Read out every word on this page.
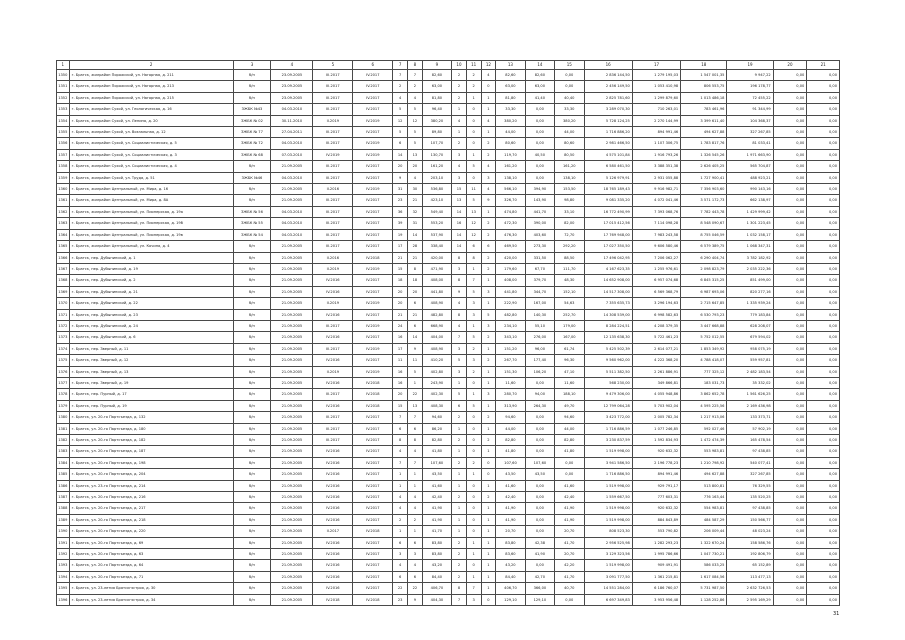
1	2	3	4	5	6	7	8	9	10	11	12	13	14	15	16	17	18	19	20	21
1350	г. Братск, жилрайон Порожский, ул. Нагорная, д. 211	б/н	23.09.2005	III.2017	IV.2017	7	7	82,60	2	2	4	82,60	82,60	0,00	2 836 144,50	1 279 195,03	1 547 001,35	9 947,22	0,00	0,00
1351	г. Братск, жилрайон Порожский, ул. Нагорная, д. 213	б/н	23.09.2005	III.2017	IV.2017	2	2	63,00	2	2	0	63,00	63,00	0,00	2 456 149,50	1 053 410,98	806 553,75	196 178,77	0,00	0,00
1352	г. Братск, жилрайон Порожский, ул. Нагорная, д. 215	б/н	23.09.2005	III.2017	IV.2017	4	4	81,80	2	1	1	81,80	41,40	40,40	2 825 781,60	1 299 879,60	1 013 486,18	72 455,22	0,00	0,00
1353	г. Братск, жилрайон Сухой, ул. Геологическая, д. 16	ЗЖБК №43	04.03.2010	III.2017	IV.2017	5	5	96,40	1	0	1	33,30	0,00	33,30	3 289 070,30	710 263,01	783 461,96	91 344,99	0,00	0,00
1354	г. Братск, жилрайон Сухой, ул. Ленина, д. 20	ЗЖБК № 02	30.11.2010	II.2019	IV.2019	12	12	380,20	4	0	4	380,20	0,00	380,20	5 728 124,25	2 270 144,99	3 399 611,40	104 368,37	0,00	0,00
1355	г. Братск, жилрайон Сухой, ул. Вокзальная, д. 12	ЗЖБК № 77	27.04.2011	III.2017	IV.2017	5	5	89,80	1	0	1	44,00	0,00	44,00	1 716 886,20	894 991,46	494 627,88	327 267,85	0,00	0,00
1356	г. Братск, жилрайон Сухой, ул. Социалистическая, д. 5	ЗЖБК № 72	04.03.2010	III.2017	IV.2019	6	5	107,70	2	0	2	80,60	0,00	80,60	2 981 466,50	1 107 306,75	1 783 817,76	81 033,41	0,00	0,00
1357	г. Братск, жилрайон Сухой, ул. Социалистическая, д. 3	ЗЖБК № 68	07.03.2010	IV.2019	IV.2019	14	13	130,70	3	1	2	119,70	40,50	80,50	4 575 101,84	1 916 793,26	1 326 545,26	1 971 663,90	0,00	0,00
1358	г. Братск, жилрайон Сухой, ул. Социалистическая, д. 4	б/н	21.09.2005	III.2017	IV.2017	20	20	161,20	4	5	4	161,20	0,00	161,20	6 580 461,50	3 388 351,38	2 626 405,25	565 704,87	0,00	0,00
1359	г. Братск, жилрайон Сухой, ул. Труда, д. 51	ЗЖБК №46	04.03.2010	III.2017	IV.2017	9	4	203,10	3	0	3	138,10	0,00	138,10	5 126 979,91	2 931 055,88	1 727 900,41	488 923,21	0,00	0,00
1360	г. Братск, жилрайон Центральный, ул. Мира, д. 16	б/н	21.09.2005	II.2016	IV.2019	31	30	536,80	15	11	4	566,10	394,90	153,50	18 765 189,43	9 916 982,71	7 356 903,60	990 143,16	0,00	0,00
1361	г. Братск, жилрайон Центральный, ул. Мира, д. 8А	б/н	21.09.2005	III.2017	IV.2017	23	21	423,10	13	5	9	326,70	143,90	98,80	9 081 335,20	4 072 041,46	3 571 172,73	662 138,97	0,00	0,00
1362	г. Братск, жилрайон Центральный, ул. Пионерская, д. 19а	ЗЖБК № 56	04.03.2010	III.2017	IV.2017	36	32	549,40	14	13	1	474,80	441,70	33,10	16 772 490,99	7 393 068,76	7 782 443,78	1 429 999,42	0,00	0,00
1363	г. Братск, жилрайон Центральный, ул. Пионерская, д. 19б	ЗЖБК № 55	04.03.2010	III.2017	IV.2017	39	31	553,20	16	12	2	472,30	390,00	82,00	17 015 412,56	7 114 098,28	8 548 090,67	1 301 223,45	0,00	0,00
1364	г. Братск, жилрайон Центральный, ул. Пионерская, д. 19в	ЗЖБК № 54	04.03.2010	III.2017	IV.2017	19	14	537,90	14	12	2	476,30	403,60	72,70	17 769 948,00	7 983 243,58	8 755 046,59	1 032 158,17	0,00	0,00
1365	г. Братск, жилрайон Центральный, ул. Кочина, д. 4	б/н	21.09.2005	III.2017	IV.2017	17	28	338,40	14	6	6	469,50	273,30	292,20	17 027 350,50	9 606 580,46	6 579 389,75	1 068 347,31	0,00	0,00
1366	г. Братск, пер. Дубынинский, д. 1	б/н	21.09.2005	II.2016	IV.2018	21	21	420,00	8	8	2	420,00	331,50	88,50	17 496 042,95	7 206 062,27	6 290 404,74	3 782 182,92	0,00	0,00
1367	г. Братск, пер. Дубынинский, д. 19	б/н	21.09.2005	II.2019	IV.2019	15	8	471,90	3	1	2	179,60	67,70	111,70	4 167 623,35	1 255 976,61	2 098 823,79	2 035 222,36	0,00	0,00
1368	г. Братск, пер. Дубынинский, д. 2	б/н	21.09.2005	IV.2016	IV.2017	18	18	408,00	8	7	1	408,00	379,70	48,30	14 652 908,00	6 957 074,68	6 845 315,25	851 499,00	0,00	0,00
1369	г. Братск, пер. Дубынинский, д. 21	б/н	21.09.2005	IV.2016	IV.2017	20	20	441,80	9	5	3	441,80	344,70	152,10	14 517 308,00	6 569 368,79	6 987 693,06	820 277,16	0,00	0,00
1370	г. Братск, пер. Дубынинский, д. 22	б/н	21.09.2005	II.2019	IV.2019	20	6	408,90	4	3	1	222,90	167,00	54,63	7 355 635,73	3 296 194,63	2 715 647,85	1 335 939,24	0,00	0,00
1371	г. Братск, пер. Дубынинский, д. 23	б/н	21.09.2005	IV.2016	IV.2017	21	21	482,80	8	3	5	482,80	140,30	252,70	14 308 539,00	6 998 582,63	6 530 793,23	779 183,84	0,00	0,00
1372	г. Братск, пер. Дубынинский, д. 24	б/н	21.09.2005	III.2017	IV.2019	24	6	668,90	4	1	3	234,10	55,10	179,00	8 284 224,51	4 208 379,35	3 447 668,88	628 208,07	0,00	0,00
1373	г. Братск, пер. Дубынинский, д. 6	б/н	21.09.2005	IV.2016	IV.2017	16	14	404,00	7	5	2	343,10	276,00	167,00	12 135 638,30	5 722 461,23	5 752 012,55	679 594,02	0,00	0,00
1374	г. Братск, пер. Зверный, д. 11	б/н	21.09.2005	III.2017	IV.2019	17	9	408,90	3	2	1	151,20	96,00	61,74	5 425 502,39	2 614 077,21	1 853 349,92	958 075,19	0,00	0,00
1375	г. Братск, пер. Зверный, д. 12	б/н	21.09.2005	IV.2016	IV.2017	11	11	410,20	5	3	2	267,70	177,40	96,30	9 560 962,00	4 222 368,20	4 788 418,07	559 957,81	0,00	0,00
1376	г. Братск, пер. Зверный, д. 13	б/н	21.09.2005	II.2019	IV.2019	16	5	402,80	3	2	1	151,30	106,20	47,10	5 511 382,50	2 261 886,91	777 325,12	2 482 183,54	0,00	0,00
1377	г. Братск, пер. Зверный, д. 19	б/н	21.09.2005	IV.2016	IV.2018	16	1	243,90	1	0	1	11,60	0,00	11,60	568 230,00	349 866,81	183 031,73	35 332,02	0,00	0,00
1378	г. Братск, пер. Пурный, д. 17	б/н	21.09.2005	III.2017	IV.2018	20	22	402,30	5	1	3	280,70	94,00	188,10	9 479 306,00	4 055 948,86	3 862 652,78	1 561 626,25	0,00	0,00
1379	г. Братск, пер. Пурный, д. 19	б/н	21.09.2005	IV.2016	IV.2018	15	13	408,30	6	5	1	313,90	264,30	49,70	12 799 064,28	5 703 902,04	4 595 225,56	2 169 436,98	0,00	0,00
1380	г. Братск, ул. 20-го Партсъезда, д. 132	б/н	21.09.2005	III.2017	IV.2017	7	7	94,60	2	0	2	94,60	0,00	94,60	3 423 772,00	2 005 782,34	1 217 913,06	133 373,71	0,00	0,00
1381	г. Братск, ул. 20-го Партсъезда, д. 180	б/н	21.09.2005	III.2017	IV.2017	6	6	86,20	1	0	1	44,00	0,00	44,00	1 716 886,59	1 077 246,85	592 027,46	57 902,19	0,00	0,00
1382	г. Братск, ул. 20-го Партсъезда, д. 182	б/н	21.09.2005	III.2017	IV.2017	8	8	82,80	2	0	2	82,80	0,00	82,80	3 230 837,59	1 592 834,93	1 472 474,39	165 478,54	0,00	0,00
1383	г. Братск, ул. 20-го Партсъезда, д. 187	б/н	21.09.2005	IV.2016	IV.2017	4	4	41,80	1	0	1	41,80	0,00	41,80	1 519 998,00	920 632,32	553 983,81	97 438,85	0,00	0,00
1384	г. Братск, ул. 20-го Партсъезда, д. 198	б/н	21.09.2005	IV.2016	IV.2017	7	7	107,60	2	2	0	107,60	107,60	0,00	3 941 586,50	2 196 778,23	1 210 798,92	540 077,41	0,00	0,00
1385	г. Братск, ул. 20-го Партсъезда, д. 204	б/н	21.09.2005	IV.2016	IV.2017	1	1	43,50	1	1	0	43,50	43,50	0,00	1 716 886,50	894 991,46	494 627,88	327 267,85	0,00	0,00
1386	г. Братск, ул. 23-го Партсъезда, д. 214	б/н	21.09.2005	IV.2016	IV.2017	1	1	41,60	1	0	1	41,60	0,00	41,60	1 519 998,00	929 791,17	513 800,81	76 329,55	0,00	0,00
1387	г. Братск, ул. 20-го Партсъезда, д. 216	б/н	21.09.2005	IV.2016	IV.2017	4	4	42,40	2	0	2	42,40	0,00	42,40	1 559 667,50	777 603,31	776 163,44	135 520,25	0,00	0,00
1388	г. Братск, ул. 20-го Партсъезда, д. 217	б/н	21.09.2005	IV.2016	IV.2017	4	4	41,90	1	0	1	41,90	0,00	41,90	1 519 998,00	920 632,32	554 983,81	97 438,85	0,00	0,00
1389	г. Братск, ул. 20-го Партсъезда, д. 218	б/н	21.09.2005	IV.2016	IV.2017	2	2	41,90	1	0	1	41,90	0,00	41,90	1 519 998,00	884 843,89	484 587,29	150 566,77	0,00	0,00
1390	г. Братск, ул. 20-го Партсъезда, д. 220	б/н	21.09.2005	II.2017	IV.2018	1	1	41,70	1	0	1	20,70	0,00	20,70	808 523,30	553 790,82	206 009,44	48 023,24	0,00	0,00
1391	г. Братск, ул. 20-го Партсъезда, д. 69	б/н	21.09.2005	IV.2016	IV.2017	6	6	83,80	2	1	1	83,80	42,38	41,70	2 956 525,98	1 282 293,23	1 322 670,24	158 586,76	0,00	0,00
1392	г. Братск, ул. 20-го Партсъезда, д. 63	б/н	21.09.2005	IV.2016	IV.2017	3	3	83,80	2	1	1	83,60	41,90	20,70	3 129 323,56	1 995 786,66	1 047 730,21	192 806,79	0,00	0,00
1393	г. Братск, ул. 20-го Партсъезда, д. 64	б/н	21.09.2005	IV.2016	IV.2017	4	4	43,20	2	0	1	43,20	0,00	42,20	1 519 998,00	909 491,91	586 033,25	65 152,89	0,00	0,00
1394	г. Братск, ул. 20-го Партсъезда, д. 71	б/н	21.09.2005	IV.2016	IV.2017	6	6	84,40	2	1	1	84,40	42,70	41,70	3 091 777,50	1 361 215,81	1 617 084,56	113 477,13	0,00	0,00
1395	г. Братск, ул. 23-летия Братскгэстроя, д. 30	б/н	21.09.2005	IV.2016	IV.2017	22	22	406,70	8	7	1	406,70	366,00	40,70	14 551 284,00	6 186 760,07	5 731 987,50	2 632 726,53	0,00	0,00
1396	г. Братск, ул. 23-летия Братскгэстроя, д. 34	б/н	21.09.2005	IV.2018	IV.2018	23	9	404,30	7	3	0	129,10	129,10	0,00	6 697 349,83	3 953 956,48	1 128 252,86	2 595 169,29	0,00	0,00
31
